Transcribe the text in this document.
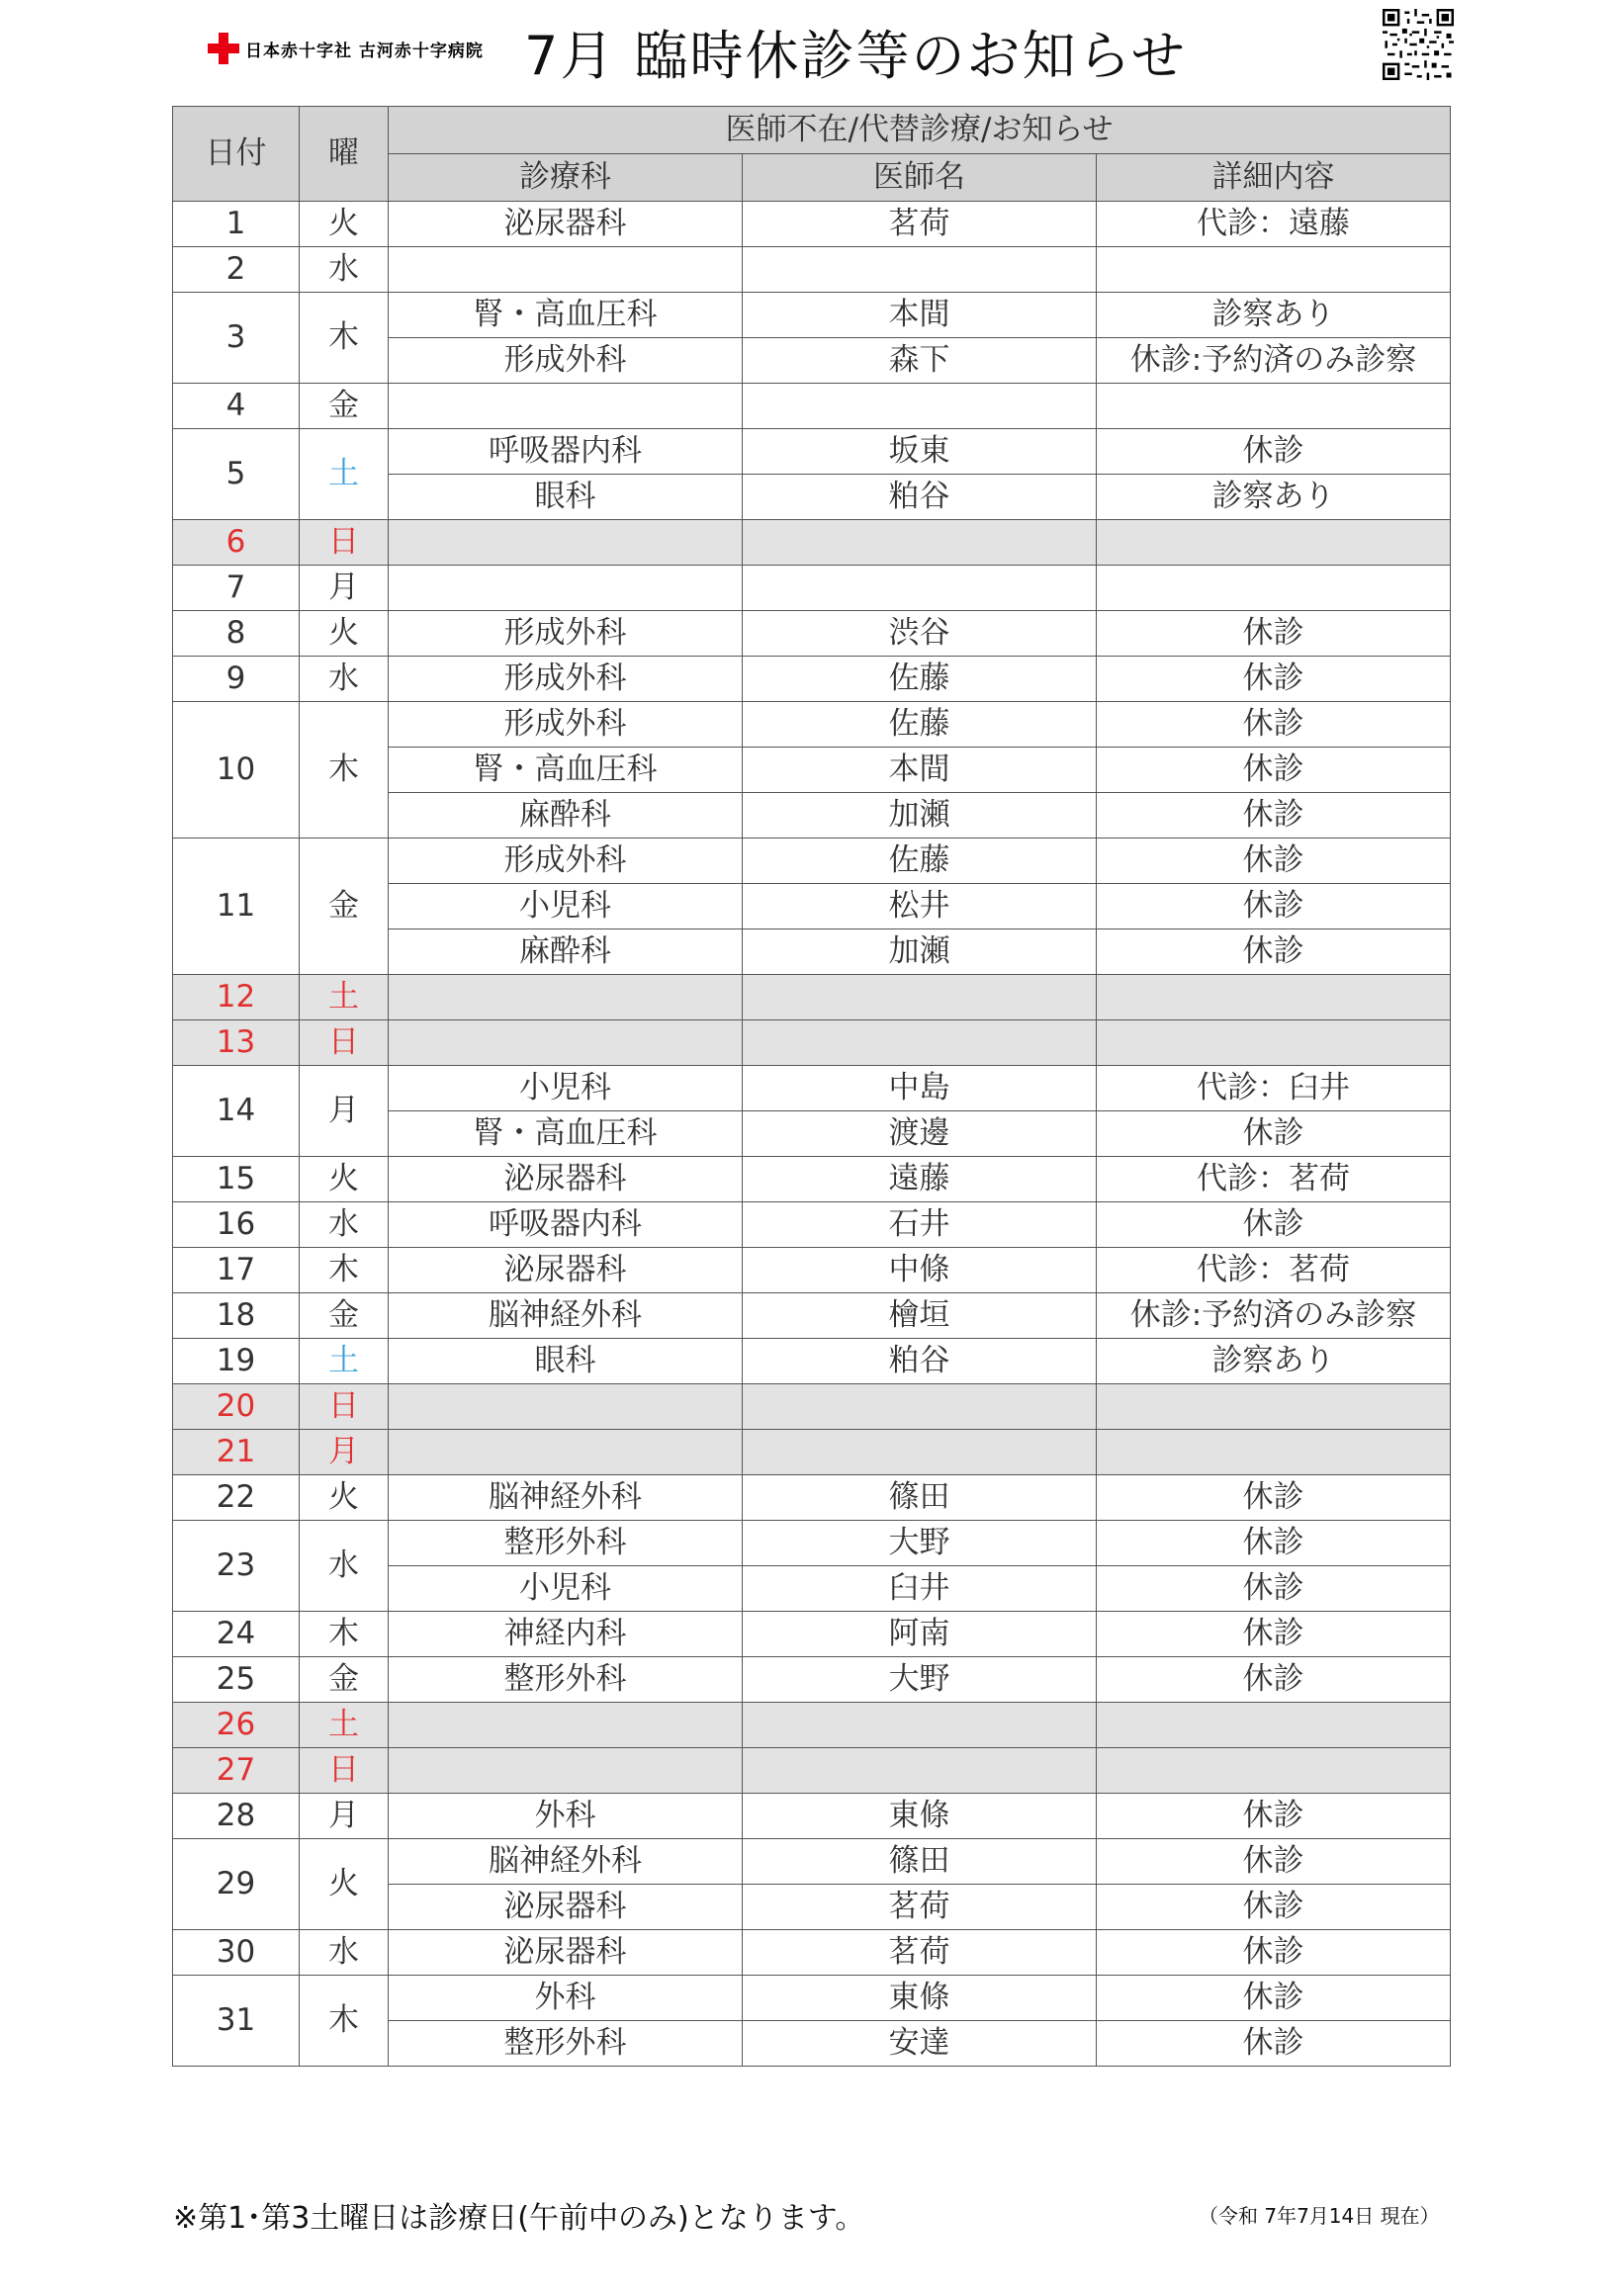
日本赤十字社 古河赤十字病院 7月 臨時休診等のお知らせ
日付	曜	医師不在/代替診療/お知らせ		
		診療科	医師名	詳細内容
1	火	泌尿器科	茗荷	代診：遠藤
2	水			
3	木	腎・高血圧科	本間	診察あり
		形成外科	森下	休診:予約済のみ診察
4	金			
5	土	呼吸器内科	坂東	休診
		眼科	粕谷	診察あり
6	日			
7	月			
8	火	形成外科	渋谷	休診
9	水	形成外科	佐藤	休診
10	木	形成外科	佐藤	休診
		腎・高血圧科	本間	休診
		麻酔科	加瀬	休診
11	金	形成外科	佐藤	休診
		小児科	松井	休診
		麻酔科	加瀬	休診
12	土			
13	日			
14	月	小児科	中島	代診：臼井
		腎・高血圧科	渡邊	休診
15	火	泌尿器科	遠藤	代診：茗荷
16	水	呼吸器内科	石井	休診
17	木	泌尿器科	中條	代診：茗荷
18	金	脳神経外科	檜垣	休診:予約済のみ診察
19	土	眼科	粕谷	診察あり
20	日			
21	月			
22	火	脳神経外科	篠田	休診
23	水	整形外科	大野	休診
		小児科	臼井	休診
24	木	神経内科	阿南	休診
25	金	整形外科	大野	休診
26	土			
27	日			
28	月	外科	東條	休診
29	火	脳神経外科	篠田	休診
		泌尿器科	茗荷	休診
30	水	泌尿器科	茗荷	休診
31	木	外科	東條	休診
		整形外科	安達	休診
※第1･第3土曜日は診療日(午前中のみ)となります。	（令和 7年7月14日 現在）
